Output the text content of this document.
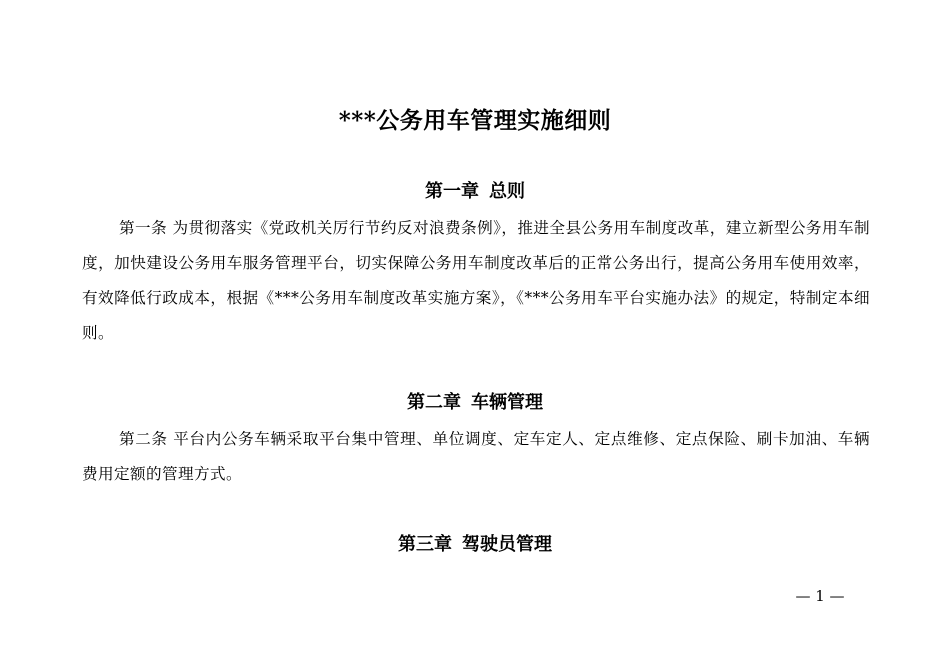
***公务用车管理实施细则
第一章 总则

第一条 为贯彻落实《党政机关厉行节约反对浪费条例》，推进全县公务用车制度改革，建立新型公务用车制度，加快建设公务用车服务管理平台，切实保障公务用车制度改革后的正常公务出行，提高公务用车使用效率，有效降低行政成本，根据《***公务用车制度改革实施方案》，《***公务用车平台实施办法》的规定，特制定本细则。

第二章 车辆管理

第二条 平台内公务车辆采取平台集中管理、单位调度、定车定人、定点维修、定点保险、刷卡加油、车辆费用定额的管理方式。

第三章 驾驶员管理
— 1 —
